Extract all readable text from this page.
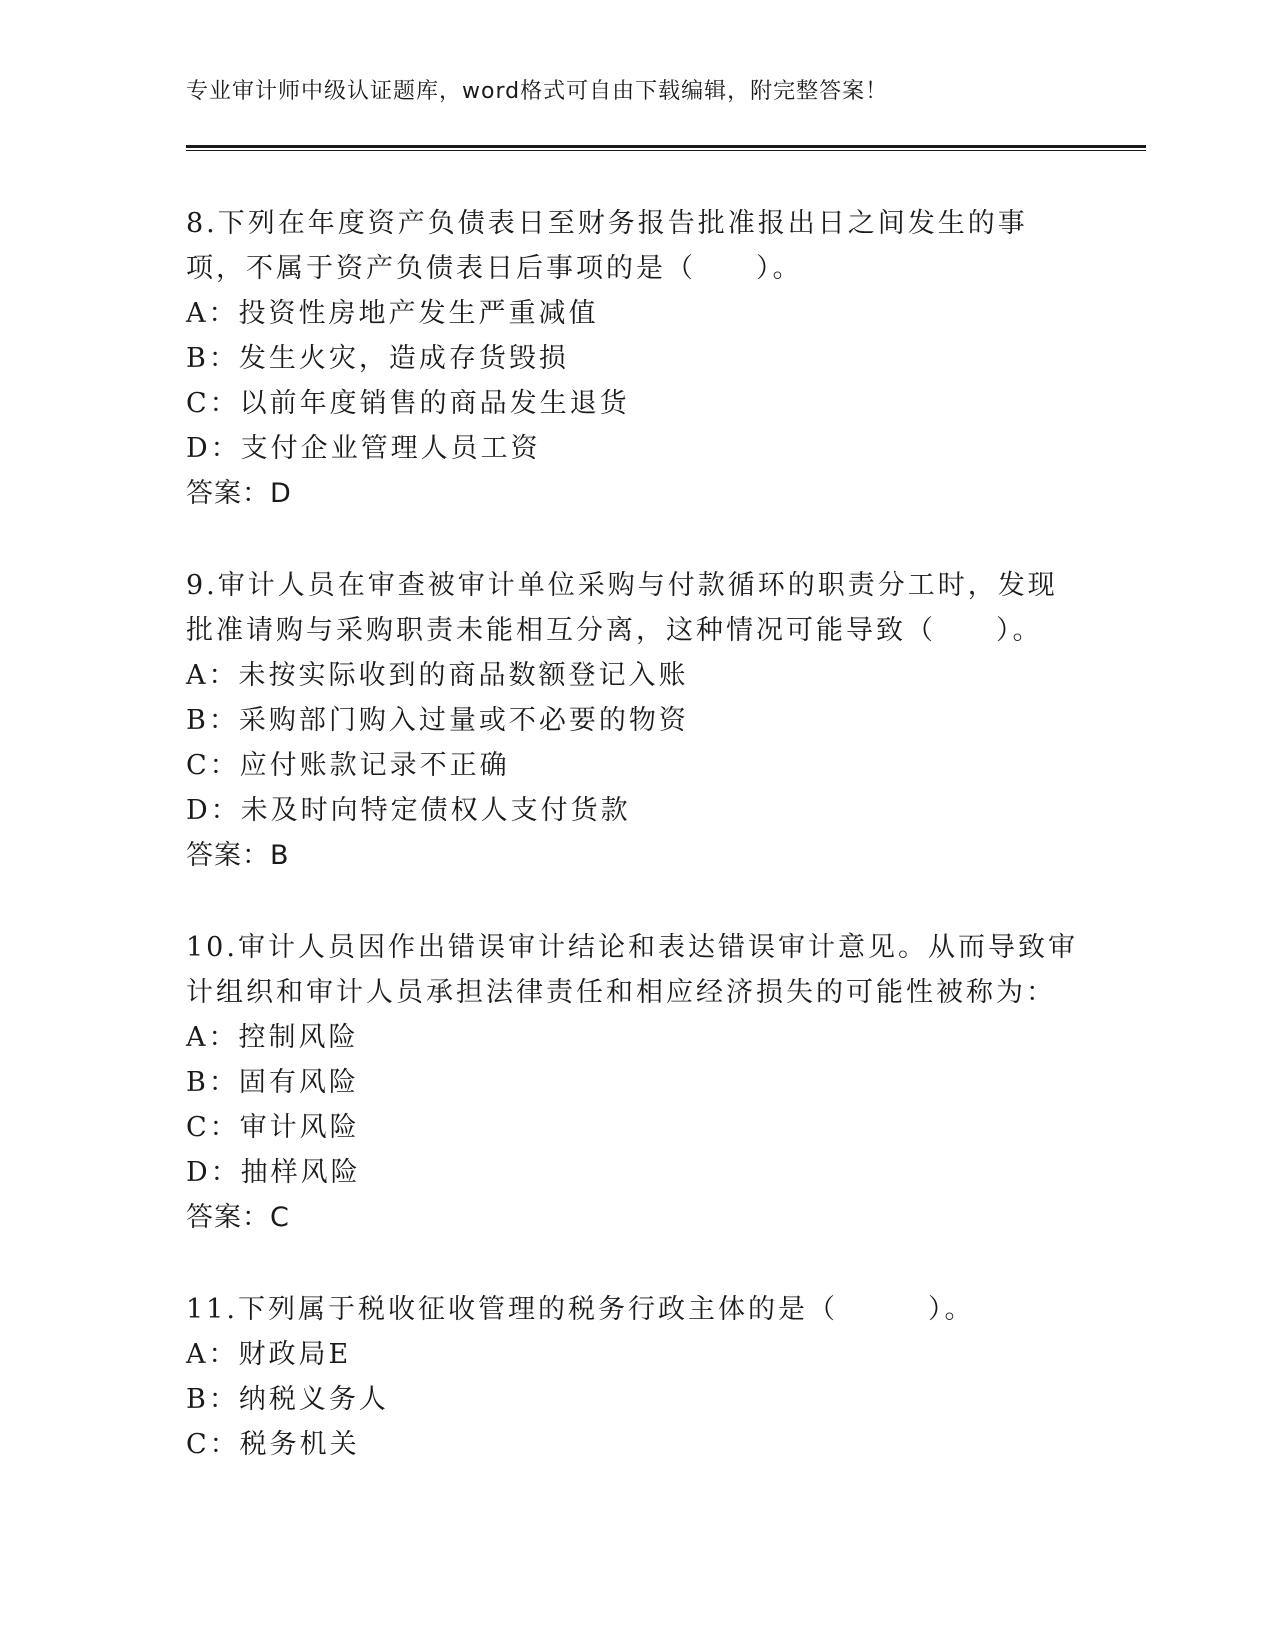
专业审计师中级认证题库，word格式可自由下载编辑，附完整答案！

8.下列在年度资产负债表日至财务报告批准报出日之间发生的事项，不属于资产负债表日后事项的是（　　）。

A：投资性房地产发生严重减值
B：发生火灾，造成存货毁损
C：以前年度销售的商品发生退货
D：支付企业管理人员工资
答案：D

9.审计人员在审查被审计单位采购与付款循环的职责分工时，发现批准请购与采购职责未能相互分离，这种情况可能导致（　　）。

A：未按实际收到的商品数额登记入账
B：采购部门购入过量或不必要的物资
C：应付账款记录不正确
D：未及时向特定债权人支付货款
答案：B

10.审计人员因作出错误审计结论和表达错误审计意见。从而导致审计组织和审计人员承担法律责任和相应经济损失的可能性被称为：

A：控制风险
B：固有风险
C：审计风险
D：抽样风险
答案：C

11.下列属于税收征收管理的税务行政主体的是（　　　）。

A：财政局E
B：纳税义务人
C：税务机关
